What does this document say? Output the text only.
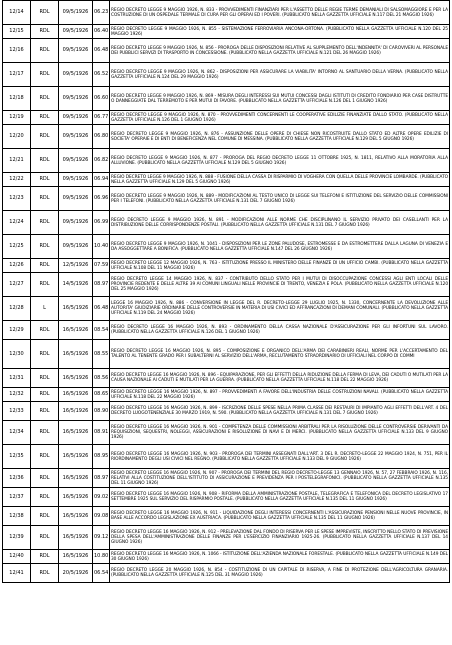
12/14	RDL	09/5/1926	06.23	REGIO DECRETO LEGGE 9 MAGGIO 1926, N. 833 - PROVVEDIMENTI FINANZIARI PER L'ASSETTO DELLE REGIE TERME DEMANIALI DI SALSOMAGGIORE E PER LA COSTRUZIONE DI UN OSPEDALE TERMALE DI CURA PER GLI OPERAI ED I POVERI. (PUBBLICATO NELLA GAZZETTA UFFICIALE N.117 DEL 21 MAGGIO 1926)
12/15	RDL	09/5/1926	06.40	REGIO DECRETO LEGGE 9 MAGGIO 1926, N. 855 - SISTEMAZIONE FERROVIARIA ANCONA-ORTONA. (PUBBLICATO NELLA GAZZETTA UFFICIALE N.120 DEL 25 MAGGIO 1926)
12/16	RDL	09/5/1926	06.48	REGIO DECRETO LEGGE 9 MAGGIO 1926, N. 856 - PROROGA DELLE DISPOSIZIONI RELATIVE AL SUPPLEMENTO DELL'INDENNITA' DI CAROVIVERI AL PERSONALE DEI PUBBLICI SERVIZI DI TRASPORTO IN CONCESSIONE. (PUBBLICATO NELLA GAZZETTA UFFICIALE N.121 DEL 26 MAGGIO 1926)
12/17	RDL	09/5/1926	06.52	REGIO DECRETO LEGGE 9 MAGGIO 1926, N. 862 - DISPOSIZIONI PER ASSICURARE LA VIABILITA' INTORNO AL SANTUARIO DELLA VERNA. (PUBBLICATO NELLA GAZZETTA UFFICIALE N.124 DEL 29 MAGGIO 1926)
12/18	RDL	09/5/1926	06.60	REGIO DECRETO LEGGE 9 MAGGIO 1926, N. 869 - MISURA DEGLI INTERESSI SUI MUTUI CONCESSI DAGLI ISTITUTI DI CREDITO FONDIARIO PER CASE DISTRUTTE O DANNEGGIATE DAL TERREMOTO E PER MUTUI DI FAVORE. (PUBBLICATO NELLA GAZZETTA UFFICIALE N.126 DEL 1 GIUGNO 1926)
12/19	RDL	09/5/1926	06.77	REGIO DECRETO LEGGE 9 MAGGIO 1926, N. 870 - PROVVEDIMENTI CONCERNENTI LE COOPERATIVE EDILIZIE FINANZIATE DALLO STATO. (PUBBLICATO NELLA GAZZETTA UFFICIALE N.126 DEL 1 GIUGNO 1926)
12/20	RDL	09/5/1926	06.80	REGIO DECRETO LEGGE 9 MAGGIO 1926, N. 876 - ASSUNZIONE DELLE OPERE DI CHIESE NON RICOSTRUITE DALLO STATO ED ALTRE OPERE EDILIZIE DI SOCIETA' OPERAIE E DI ENTI DI BENEFICENZA NEL COMUNE DI MESSINA. (PUBBLICATO NELLA GAZZETTA UFFICIALE N.129 DEL 5 GIUGNO 1926)
12/21	RDL	09/5/1926	06.82	REGIO DECRETO LEGGE 9 MAGGIO 1926, N. 877 - PROROGA DEL REGIO DECRETO LEGGE 11 OTTOBRE 1925, N. 1811, RELATIVO ALLA MORATORIA ALLA ALLUVIONE. (PUBBLICATO NELLA GAZZETTA UFFICIALE N.129 DEL 5 GIUGNO 1926)
12/22	RDL	09/5/1926	06.94	REGIO DECRETO LEGGE 9 MAGGIO 1926, N. 888 - FUSIONE DELLA CASSA DI RISPARMIO DI VOGHERA CON QUELLA DELLE PROVINCIE LOMBARDE. (PUBBLICATO NELLA GAZZETTA UFFICIALE N.129 DEL 5 GIUGNO 1926)
12/23	RDL	09/5/1926	06.96	REGIO DECRETO LEGGE 9 MAGGIO 1926, N. 889 - MODIFICAZIONI AL TESTO UNICO DI LEGGE SUI TELEFONI E ISTITUZIONE DEL SERVIZIO DELLE COMMISSIONI PER I TELEFONI. (PUBBLICATO NELLA GAZZETTA UFFICIALE N.131 DEL 7 GIUGNO 1926)
12/24	RDL	09/5/1926	06.99	REGIO DECRETO LEGGE 9 MAGGIO 1926, N. 891 - MODIFICAZIONI ALLE NORME CHE DISCIPLINANO IL SERVIZIO PRIVATO DEI CASELLANTI PER LA DISTRIBUZIONE DELLE CORRISPONDENZE POSTALI. (PUBBLICATO NELLA GAZZETTA UFFICIALE N.131 DEL 7 GIUGNO 1926)
12/25	RDL	09/5/1926	10.40	REGIO DECRETO LEGGE 9 MAGGIO 1926, N. 1041 - DISPOSIZIONI PER LE ZONE PALUDOSE, ESTROMESSE E DA ESTROMETTERE DALLA LAGUNA DI VENEZIA E DA ASSOGGETTARE A BONIFICA. (PUBBLICATO NELLA GAZZETTA UFFICIALE N.147 DEL 26 GIUGNO 1926)
12/26	RDL	12/5/1926	07.59	REGIO DECRETO LEGGE 12 MAGGIO 1926, N. 763 - ISTITUZIONE PRESSO IL MINISTERO DELLE FINANZE DI UN UFFICIO CAMBI. (PUBBLICATO NELLA GAZZETTA UFFICIALE N.108 DEL 11 MAGGIO 1926)
12/27	RDL	14/5/1926	08.97	REGIO DECRETO LEGGE 14 MAGGIO 1926, N. 837 - CONTRIBUTO DELLO STATO PER I MUTUI DI DISOCCUPAZIONE CONCESSI AGLI ENTI LOCALI DELLE PROVINCIE REDENTE E DELLE ALTRE 39 AI COMUNI LINGUALI NELLE PROVINCIE DI TRENTO, VENEZIA E POLA. (PUBBLICATO NELLA GAZZETTA UFFICIALE N.120 DEL 25 MAGGIO 1926)
12/28	L	16/5/1926	06.48	LEGGE 16 MAGGIO 1926, N. 886 - CONVERSIONE IN LEGGE DEL R. DECRETO-LEGGE 29 LUGLIO 1925, N. 1330, CONCERNENTE LA DEVOLUZIONE ALLE AUTORITA' GIUDIZIARIE ORDINARIE DELLE CONTROVERSIE IN MATERIA DI USI CIVICI ED AFFRANCAZIONI DI DEMANI COMUNALI. (PUBBLICATO NELLA GAZZETTA UFFICIALE N.119 DEL 24 MAGGIO 1926)
12/29	RDL	16/5/1926	08.54	REGIO DECRETO LEGGE 16 MAGGIO 1926, N. 893 - ORDINAMENTO DELLA CASSA NAZIONALE D'ASSICURAZIONE PER GLI INFORTUNI SUL LAVORO. (PUBBLICATO NELLA GAZZETTA UFFICIALE N.126 DEL 1 GIUGNO 1926)
12/30	RDL	16/5/1926	08.55	REGIO DECRETO LEGGE 16 MAGGIO 1926, N. 895 - COMPOSIZIONE E ORGANICO DELL'ARMA DEI CARABINIERI REALI, NORME PER L'ACCERTAMENTO DEL TALENTO AL TENENTE GRADO PER I SUBALTERNI AL SERVIZIO DELL'ARMA, RECLUTAMENTO STRAORDINARIO DI UFFICIALI NEL CORPO DI COMMI
12/31	RDL	16/5/1926	08.56	REGIO DECRETO LEGGE 16 MAGGIO 1926, N. 896 - EQUIPARAZIONE, PER GLI EFFETTI DELLA RIDUZIONE DELLA FERMA DI LEVA, DEI CADUTI O MUTILATI PER LA CAUSA NAZIONALE AI CADUTI E MUTILATI PER LA GUERRA. (PUBBLICATO NELLA GAZZETTA UFFICIALE N.118 DEL 22 MAGGIO 1926)
12/32	RDL	16/5/1926	08.65	REGIO DECRETO LEGGE 16 MAGGIO 1926, N. 897 - PROVVEDIMENTI A FAVORE DELL'INDUSTRIA DELLE COSTRUZIONI NAVALI. (PUBBLICATO NELLA GAZZETTA UFFICIALE N.118 DEL 22 MAGGIO 1926)
12/33	RDL	16/5/1926	08.90	REGIO DECRETO LEGGE 16 MAGGIO 1926, N. 899 - ISCRIZIONE DELLE SPESE NELLA PRIMA CLASSE DEI RESTAURI DI IMPIANTO AGLI EFFETTI DELL'ART. 4 DEL DECRETO LUOGOTENENZIALE 30 MARZO 1919, N. 590. (PUBBLICATO NELLA GAZZETTA UFFICIALE N.131 DEL 7 GIUGNO 1926)
12/34	RDL	16/5/1926	08.91	REGIO DECRETO LEGGE 16 MAGGIO 1926, N. 901 - COMPETENZA DELLE COMMISSIONI ARBITRALI PER LA RISOLUZIONE DELLE CONTROVERSIE DERIVANTI DA REQUISIZIONI, SEQUESTRI, NOLEGGI, ASSICURAZIONI E RISOLUZIONE DI NAVI E DI MERCI. (PUBBLICATO NELLA GAZZETTA UFFICIALE N.133 DEL 9 GIUGNO 1926)
12/35	RDL	16/5/1926	08.95	REGIO DECRETO LEGGE 16 MAGGIO 1926, N. 903 - PROROGA DEI TERMINI ASSEGNATI DALL'ART. 3 DEL R. DECRETO-LEGGE 22 MAGGIO 1924, N. 751, PER IL RIORDINAMENTO DEGLI USI CIVICI NEL REGNO. (PUBBLICATO NELLA GAZZETTA UFFICIALE N.133 DEL 9 GIUGNO 1926)
12/36	RDL	16/5/1926	08.97	REGIO DECRETO LEGGE 16 MAGGIO 1926, N. 907 - PROROGA DEI TERMINI DEL REGIO DECRETO-LEGGE 13 GENNAIO 1926, N. 57, 27 FEBBRAIO 1926, N. 116, RELATIVI ALLA COSTITUZIONE DELL'ISTITUTO DI ASSICURAZIONE E PREVIDENZA PER I POSTELEGRAFONICI. (PUBBLICATO NELLA GAZZETTA UFFICIALE N.135 DEL 11 GIUGNO 1926)
12/37	RDL	16/5/1926	09.02	REGIO DECRETO LEGGE 16 MAGGIO 1926, N. 908 - RIFORMA DELLA AMMINISTRAZIONE POSTALE, TELEGRAFICA E TELEFONICA DEL DECRETO LEGISLATIVO 17 SETTEMBRE 1925 SUL SERVIZIO DEL RISPARMIO POSTALE. (PUBBLICATO NELLA GAZZETTA UFFICIALE N.135 DEL 11 GIUGNO 1926)
12/38	RDL	16/5/1926	09.08	REGIO DECRETO LEGGE 16 MAGGIO 1926, N. 911 - LIQUIDAZIONE DEGLI INTERESSI CONCERNENTI L'ASSICURAZIONE PENSIONI NELLE NUOVE PROVINCIE, IN BASE ALLE ACCORDO LEGISLAZIONE EX AUSTRIACA. (PUBBLICATO NELLA GAZZETTA UFFICIALE N.135 DEL 11 GIUGNO 1926)
12/39	RDL	16/5/1926	09.12	REGIO DECRETO LEGGE 16 MAGGIO 1926, N. 912 - PRELEVAZIONE DAL FONDO DI RISERVA PER LE SPESE IMPREVISTE, INSCRITTO NELLO STATO DI PREVISIONE DELLA SPESA DELL'AMMINISTRAZIONE DELLE FINANZE PER L'ESERCIZIO FINANZIARIO 1925-26. (PUBBLICATO NELLA GAZZETTA UFFICIALE N.137 DEL 14 GIUGNO 1926)
12/40	RDL	16/5/1926	10.80	REGIO DECRETO LEGGE 16 MAGGIO 1926, N. 1066 - ISTITUZIONE DELL'AZIENDA NAZIONALE FORESTALE. (PUBBLICATO NELLA GAZZETTA UFFICIALE N.149 DEL 30 GIUGNO 1926)
12/41	RDL	20/5/1926	06.54	REGIO DECRETO LEGGE 20 MAGGIO 1926, N. 854 - COSTITUZIONE DI UN CAPITALE DI RISERVA, A FINE DI PROTEZIONE DELL'AGRICOLTURA GRANARIA. (PUBBLICATO NELLA GAZZETTA UFFICIALE N.125 DEL 31 MAGGIO 1926)
